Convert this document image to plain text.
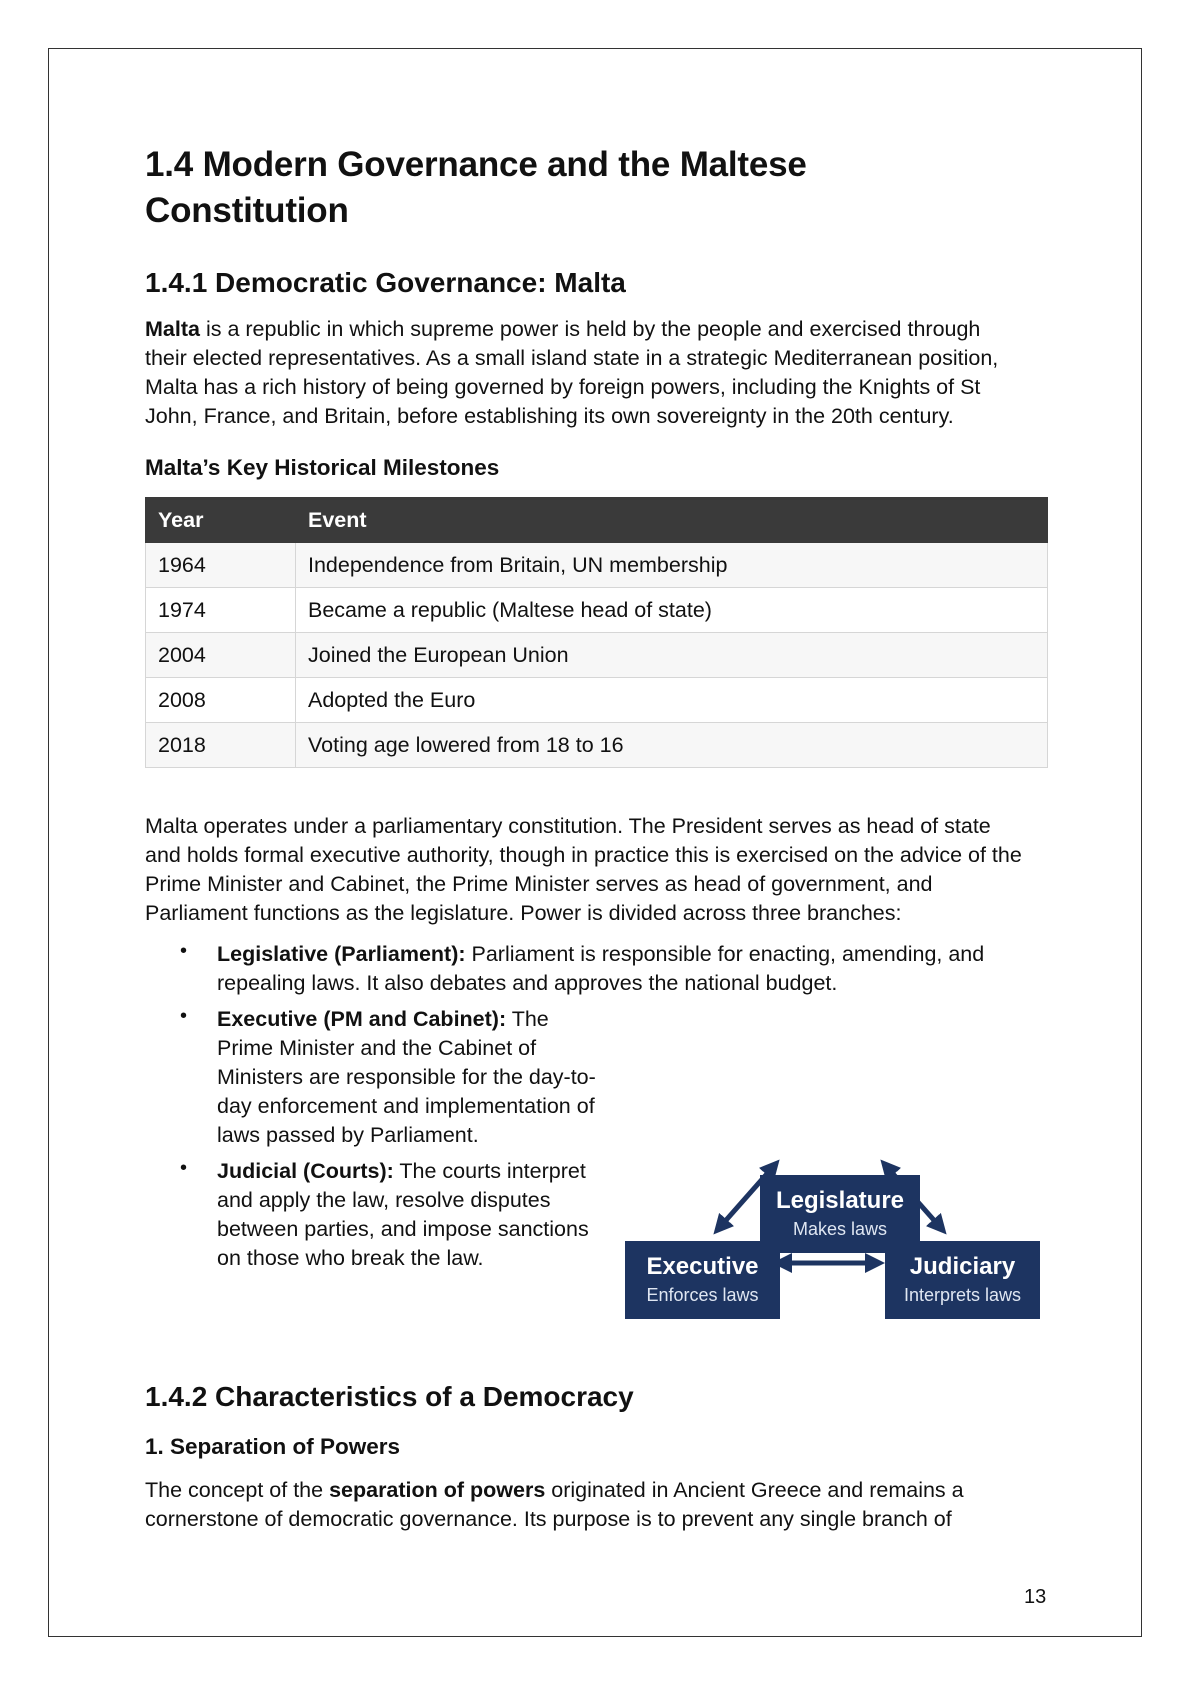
1.4 Modern Governance and the Maltese
Constitution
1.4.1 Democratic Governance: Malta

Malta is a republic in which supreme power is held by the people and exercised through

their elected representatives. As a small island state in a strategic Mediterranean position,

Malta has a rich history of being governed by foreign powers, including the Knights of St

John, France, and Britain, before establishing its own sovereignty in the 20th century.

Malta’s Key Historical Milestones
Year	Event
1964	Independence from Britain, UN membership
1974	Became a republic (Maltese head of state)
2004	Joined the European Union
2008	Adopted the Euro
2018	Voting age lowered from 18 to 16

Malta operates under a parliamentary constitution. The President serves as head of state

and holds formal executive authority, though in practice this is exercised on the advice of the

Prime Minister and Cabinet, the Prime Minister serves as head of government, and

Parliament functions as the legislature. Power is divided across three branches:

• Legislative (Parliament): Parliament is responsible for enacting, amending, and
repealing laws. It also debates and approves the national budget.
• Executive (PM and Cabinet): The
Prime Minister and the Cabinet of
Ministers are responsible for the day-to-
day enforcement and implementation of
laws passed by Parliament.
• Judicial (Courts): The courts interpret
and apply the law, resolve disputes
between parties, and impose sanctions
on those who break the law.
Legislature
Makes laws
Executive
Enforces laws
Judiciary
Interprets laws
1.4.2 Characteristics of a Democracy
1. Separation of Powers

The concept of the separation of powers originated in Ancient Greece and remains a

cornerstone of democratic governance. Its purpose is to prevent any single branch of

13
